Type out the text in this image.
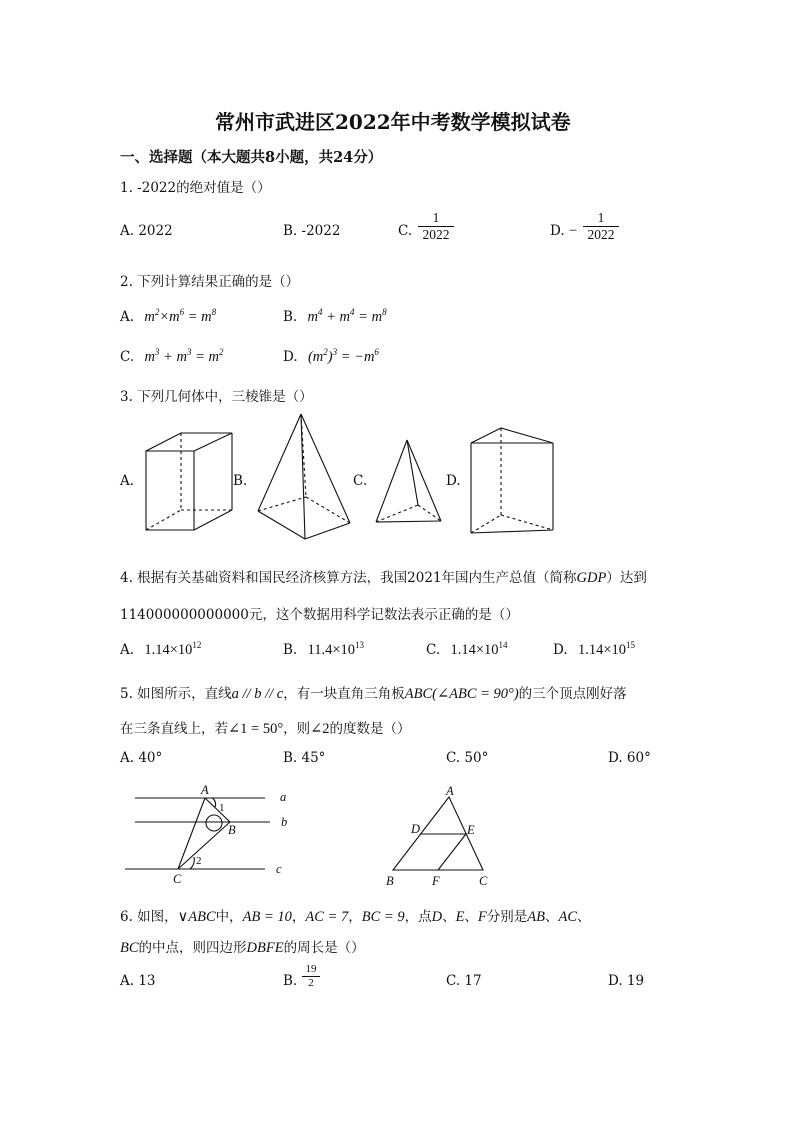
常州市武进区2022年中考数学模拟试卷
一、选择题（本大题共8小题，共24分）
1. -2022的绝对值是（）
A. 2022	B. -2022	C. $\frac{1}{2022}$	D. − $\frac{1}{2022}$
2. 下列计算结果正确的是（）
A. $m^2\times m^6 = m^8$	B. $m^4 + m^4 = m^8$
C. $m^3 + m^3 = m^2$	D. $(m^2)^3 = -m^6$
3. 下列几何体中，三棱锥是（）
A.	B.	C.	D.
4. 根据有关基础资料和国民经济核算方法，我国2021年国内生产总值（简称GDP）达到
114000000000000元，这个数据用科学记数法表示正确的是（）
A. $1.14\times 10^{12}$	B. $11.4\times 10^{13}$	C. $1.14\times 10^{14}$	D. $1.14\times 10^{15}$
5. 如图所示，直线a // b // c，有一块直角三角板ABC(∠ABC = 90°)的三个顶点刚好落
在三条直线上，若∠1 = 50°，则∠2的度数是（）
A. 40°	B. 45°	C. 50°	D. 60°
A
B
C
a
b
c
1
2
A
D	E
B	F	C
6. 如图，∨ABC中，AB = 10，AC = 7，BC = 9，点D、E、F分别是AB、AC、
BC的中点，则四边形DBFE的周长是（）
A. 13	B. $\frac{19}{2}$	C. 17	D. 19
